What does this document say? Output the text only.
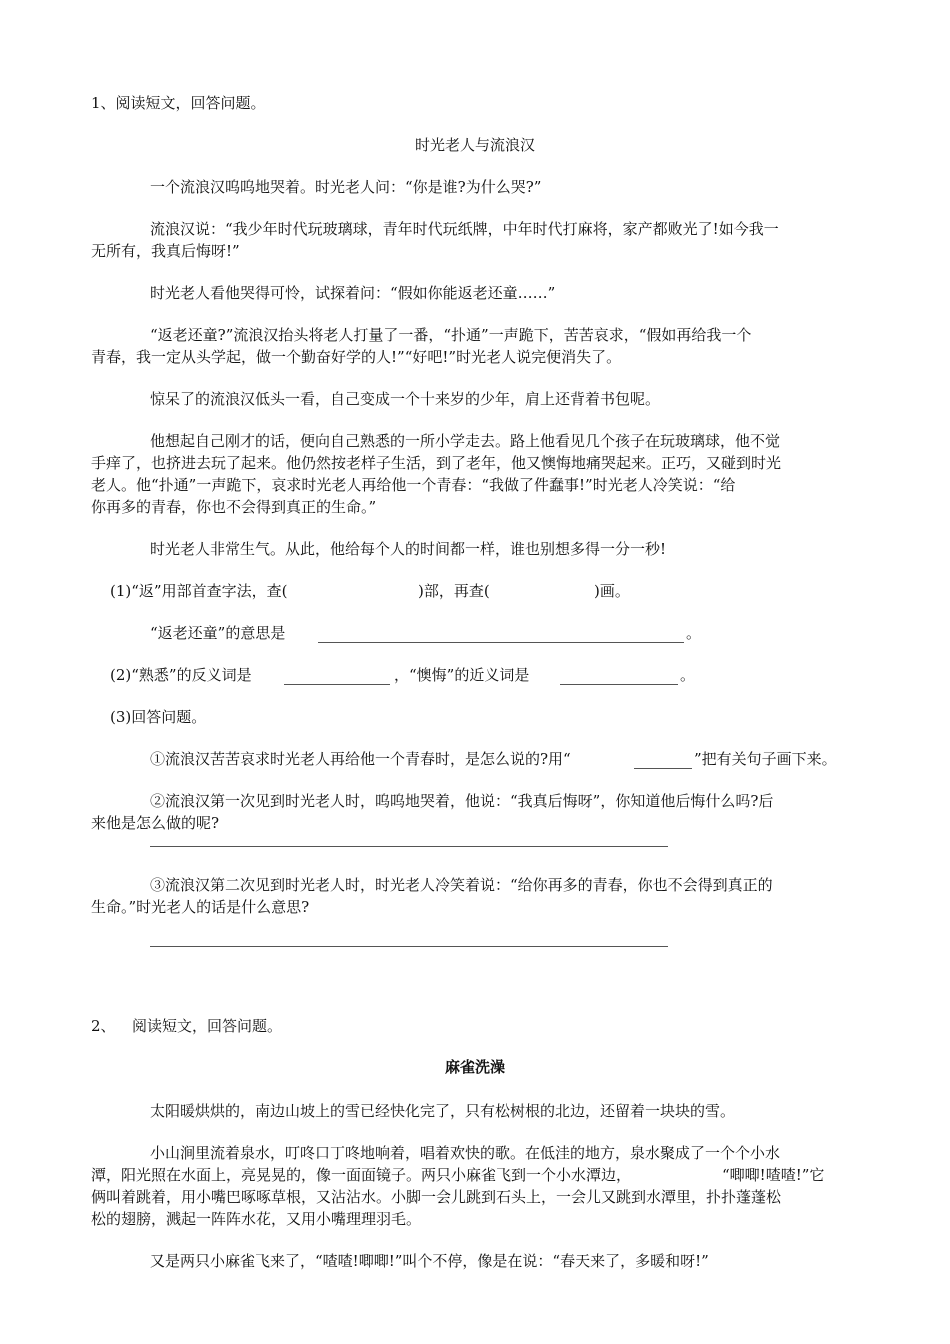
1、阅读短文，回答问题。
时光老人与流浪汉
一个流浪汉呜呜地哭着。时光老人问：“你是谁?为什么哭?”
流浪汉说：“我少年时代玩玻璃球，青年时代玩纸牌，中年时代打麻将，家产都败光了!如今我一
无所有，我真后悔呀!”
时光老人看他哭得可怜，试探着问：“假如你能返老还童……”
“返老还童?”流浪汉抬头将老人打量了一番，“扑通”一声跪下，苦苦哀求，“假如再给我一个
青春，我一定从头学起，做一个勤奋好学的人!”“好吧!”时光老人说完便消失了。
惊呆了的流浪汉低头一看，自己变成一个十来岁的少年，肩上还背着书包呢。
他想起自己刚才的话，便向自己熟悉的一所小学走去。路上他看见几个孩子在玩玻璃球，他不觉
手痒了，也挤进去玩了起来。他仍然按老样子生活，到了老年，他又懊悔地痛哭起来。正巧，又碰到时光
老人。他“扑通”一声跪下，哀求时光老人再给他一个青春：“我做了件蠢事!”时光老人冷笑说：“给
你再多的青春，你也不会得到真正的生命。”
时光老人非常生气。从此，他给每个人的时间都一样，谁也别想多得一分一秒!
(1)“返”用部首查字法，查(	)部，再查(	)画。
“返老还童”的意思是	。
(2)“熟悉”的反义词是	，“懊悔”的近义词是	。
(3)回答问题。
①流浪汉苦苦哀求时光老人再给他一个青春时，是怎么说的?用“	”把有关句子画下来。
②流浪汉第一次见到时光老人时，呜呜地哭着，他说：“我真后悔呀”，你知道他后悔什么吗?后
来他是怎么做的呢?
③流浪汉第二次见到时光老人时，时光老人冷笑着说：“给你再多的青春，你也不会得到真正的
生命。”时光老人的话是什么意思?
2、 阅读短文，回答问题。
麻雀洗澡
太阳暖烘烘的，南边山坡上的雪已经快化完了，只有松树根的北边，还留着一块块的雪。
小山涧里流着泉水，叮咚口丁咚地响着，唱着欢快的歌。在低洼的地方，泉水聚成了一个个小水
潭，阳光照在水面上，亮晃晃的，像一面面镜子。两只小麻雀飞到一个小水潭边，	“唧唧!喳喳!”它
俩叫着跳着，用小嘴巴啄啄草根，又沾沾水。小脚一会儿跳到石头上，一会儿又跳到水潭里，扑扑蓬蓬松
松的翅膀，溅起一阵阵水花，又用小嘴理理羽毛。
又是两只小麻雀飞来了，“喳喳!唧唧!”叫个不停，像是在说：“春天来了，多暖和呀!”
